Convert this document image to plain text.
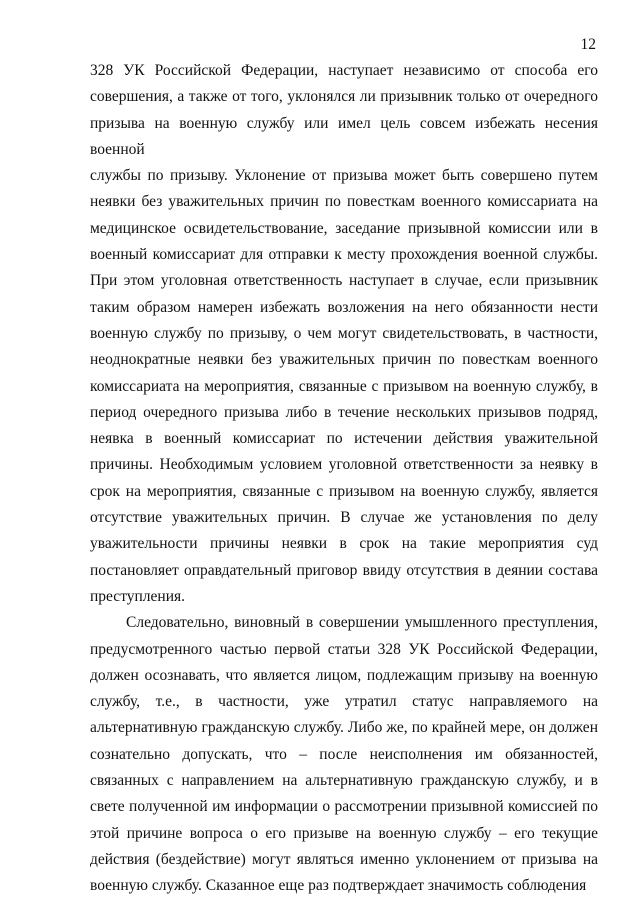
12
328 УК Российской Федерации, наступает независимо от способа его
совершения, а также от того, уклонялся ли призывник только от очередного
призыва на военную службу или имел цель совсем избежать несения военной
службы по призыву. Уклонение от призыва может быть совершено путем
неявки без уважительных причин по повесткам военного комиссариата на
медицинское освидетельствование, заседание призывной комиссии или в
военный комиссариат для отправки к месту прохождения военной службы.
При этом уголовная ответственность наступает в случае, если призывник
таким образом намерен избежать возложения на него обязанности нести
военную службу по призыву, о чем могут свидетельствовать, в частности,
неоднократные неявки без уважительных причин по повесткам военного
комиссариата на мероприятия, связанные с призывом на военную службу, в
период очередного призыва либо в течение нескольких призывов подряд,
неявка в военный комиссариат по истечении действия уважительной
причины. Необходимым условием уголовной ответственности за неявку в
срок на мероприятия, связанные с призывом на военную службу, является
отсутствие уважительных причин. В случае же установления по делу
уважительности причины неявки в срок на такие мероприятия суд
постановляет оправдательный приговор ввиду отсутствия в деянии состава
преступления.
Следовательно, виновный в совершении умышленного преступления,
предусмотренного частью первой статьи 328 УК Российской Федерации,
должен осознавать, что является лицом, подлежащим призыву на военную
службу, т.е., в частности, уже утратил статус направляемого на
альтернативную гражданскую службу. Либо же, по крайней мере, он должен
сознательно допускать, что – после неисполнения им обязанностей,
связанных с направлением на альтернативную гражданскую службу, и в
свете полученной им информации о рассмотрении призывной комиссией по
этой причине вопроса о его призыве на военную службу – его текущие
действия (бездействие) могут являться именно уклонением от призыва на
военную службу. Сказанное еще раз подтверждает значимость соблюдения
